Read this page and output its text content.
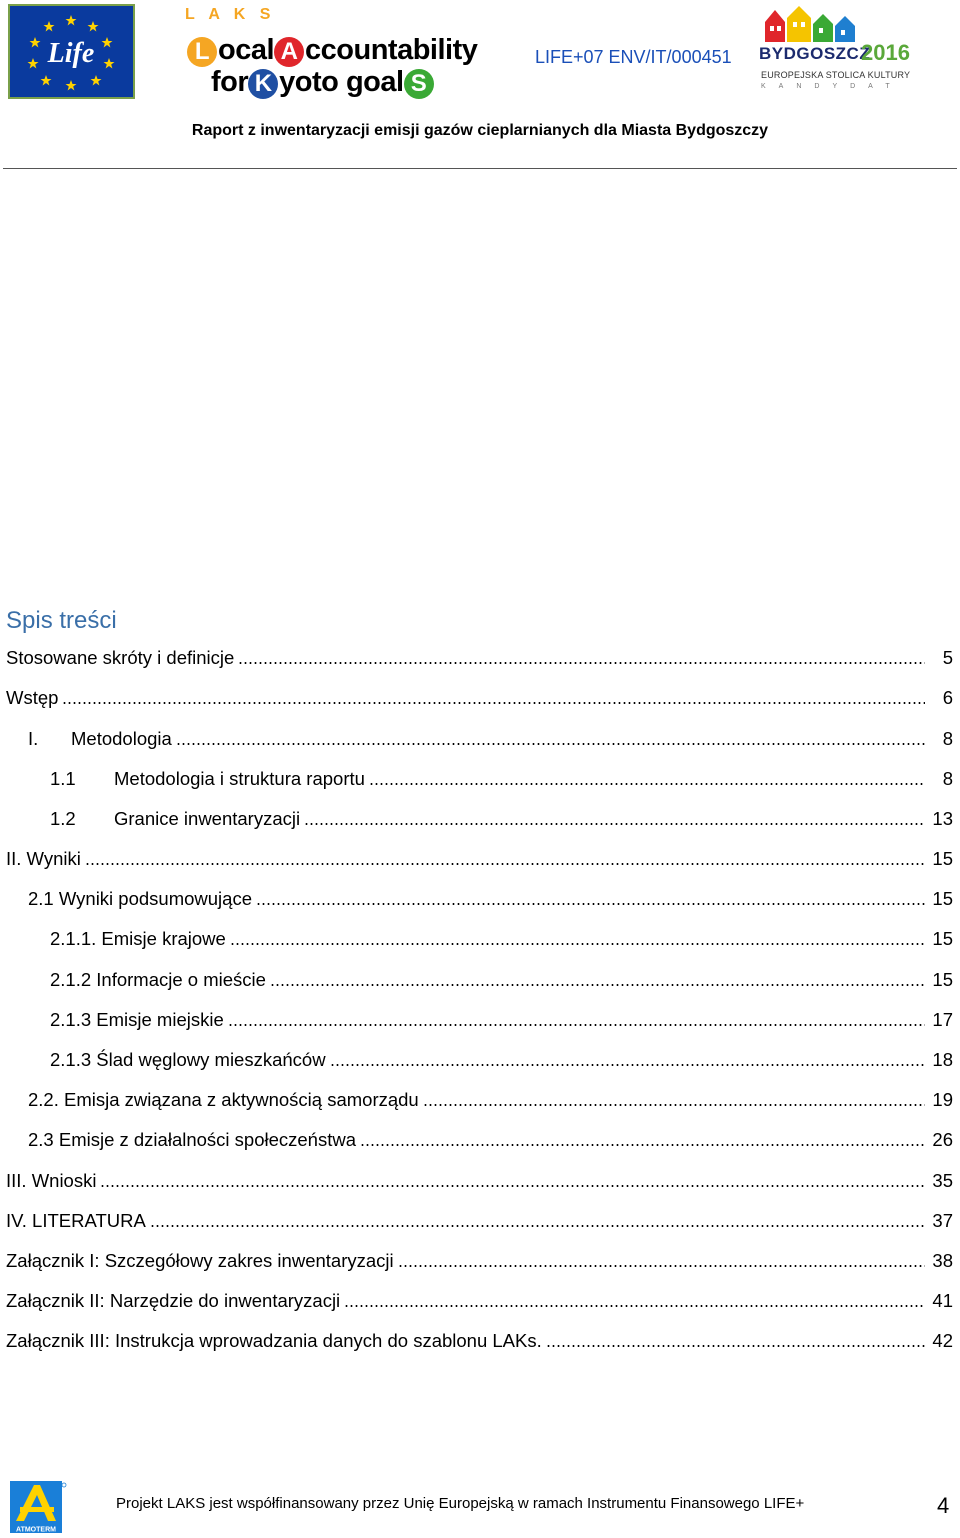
Life
L A K S
L ocal A ccountability
for K yoto goal S
LIFE+07 ENV/IT/000451 BYDGOSZCZ
2016
EUROPEJSKA STOLICA KULTURY
KANDYDAT
Raport z inwentaryzacji emisji gazów cieplarnianych dla Miasta Bydgoszczy
Spis treści
Stosowane skróty i definicje	5
Wstęp	6
I. Metodologia	8
1.1 Metodologia i struktura raportu	8
1.2 Granice inwentaryzacji	13
II. Wyniki	15
2.1 Wyniki podsumowujące	15
2.1.1. Emisje krajowe	15
2.1.2 Informacje o mieście	15
2.1.3 Emisje miejskie	17
2.1.3 Ślad węglowy mieszkańców	18
2.2. Emisja związana z aktywnością samorządu	19
2.3 Emisje z działalności społeczeństwa	26
III. Wnioski	35
IV. LITERATURA	37
Załącznik I: Szczegółowy zakres inwentaryzacji	38
Załącznik II: Narzędzie do inwentaryzacji	41
Załącznik III: Instrukcja wprowadzania danych do szablonu LAKs.	42
ATMOTERM
Projekt LAKS jest współfinansowany przez Unię Europejską w ramach Instrumentu Finansowego LIFE+	4
